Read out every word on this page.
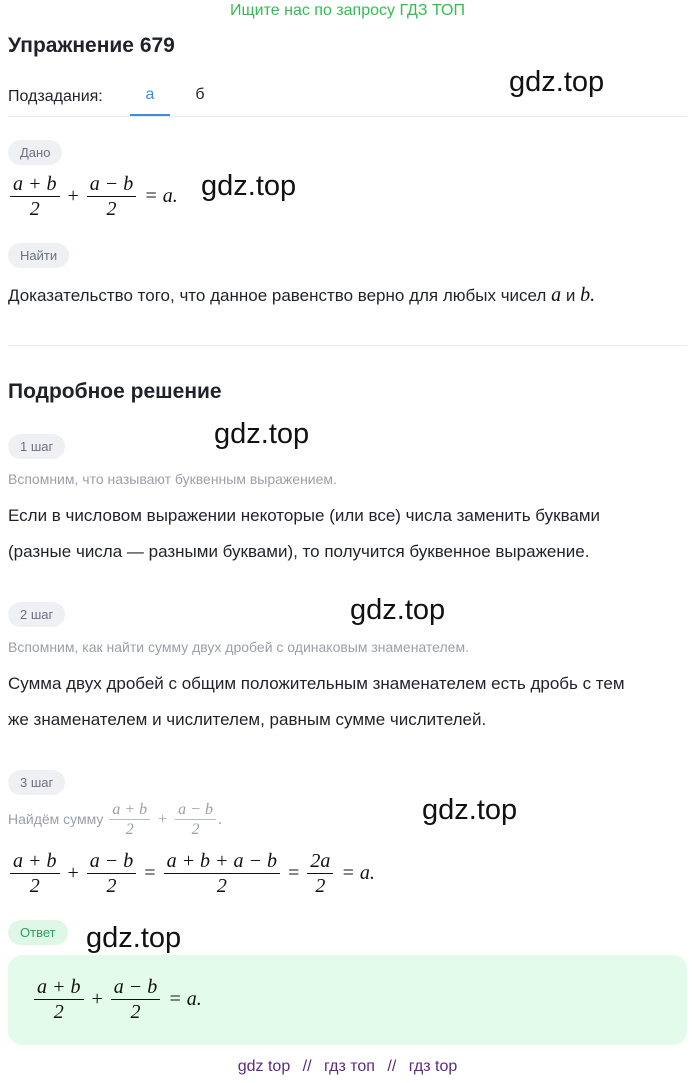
Ищите нас по запросу ГДЗ ТОП
Упражнение 679
Подзадания:	а	б	gdz.top
Дано
$\frac{a + b}{2} + \frac{a - b}{2} = a$. gdz.top
Найти
Доказательство того, что данное равенство верно для любых чисел a и b.
Подробное решение
1 шаг	gdz.top
Вспомним, что называют буквенным выражением.
Если в числовом выражении некоторые (или все) числа заменить буквами
(разные числа — разными буквами), то получится буквенное выражение.
2 шаг	gdz.top
Вспомним, как найти сумму двух дробей с одинаковым знаменателем.
Сумма двух дробей с общим положительным знаменателем есть дробь с тем
же знаменателем и числителем, равным сумме числителей.
3 шаг
gdz.top
Найдём сумму $\frac{a + b}{2} + \frac{a - b}{2}$ .
$\frac{a + b}{2} + \frac{a - b}{2} = \frac{a + b + a - b}{2} = \frac{2a}{2} = a$.
Ответ	gdz.top
$\frac{a + b}{2} + \frac{a - b}{2} = a$.
gdz top // гдз топ // гдз top
